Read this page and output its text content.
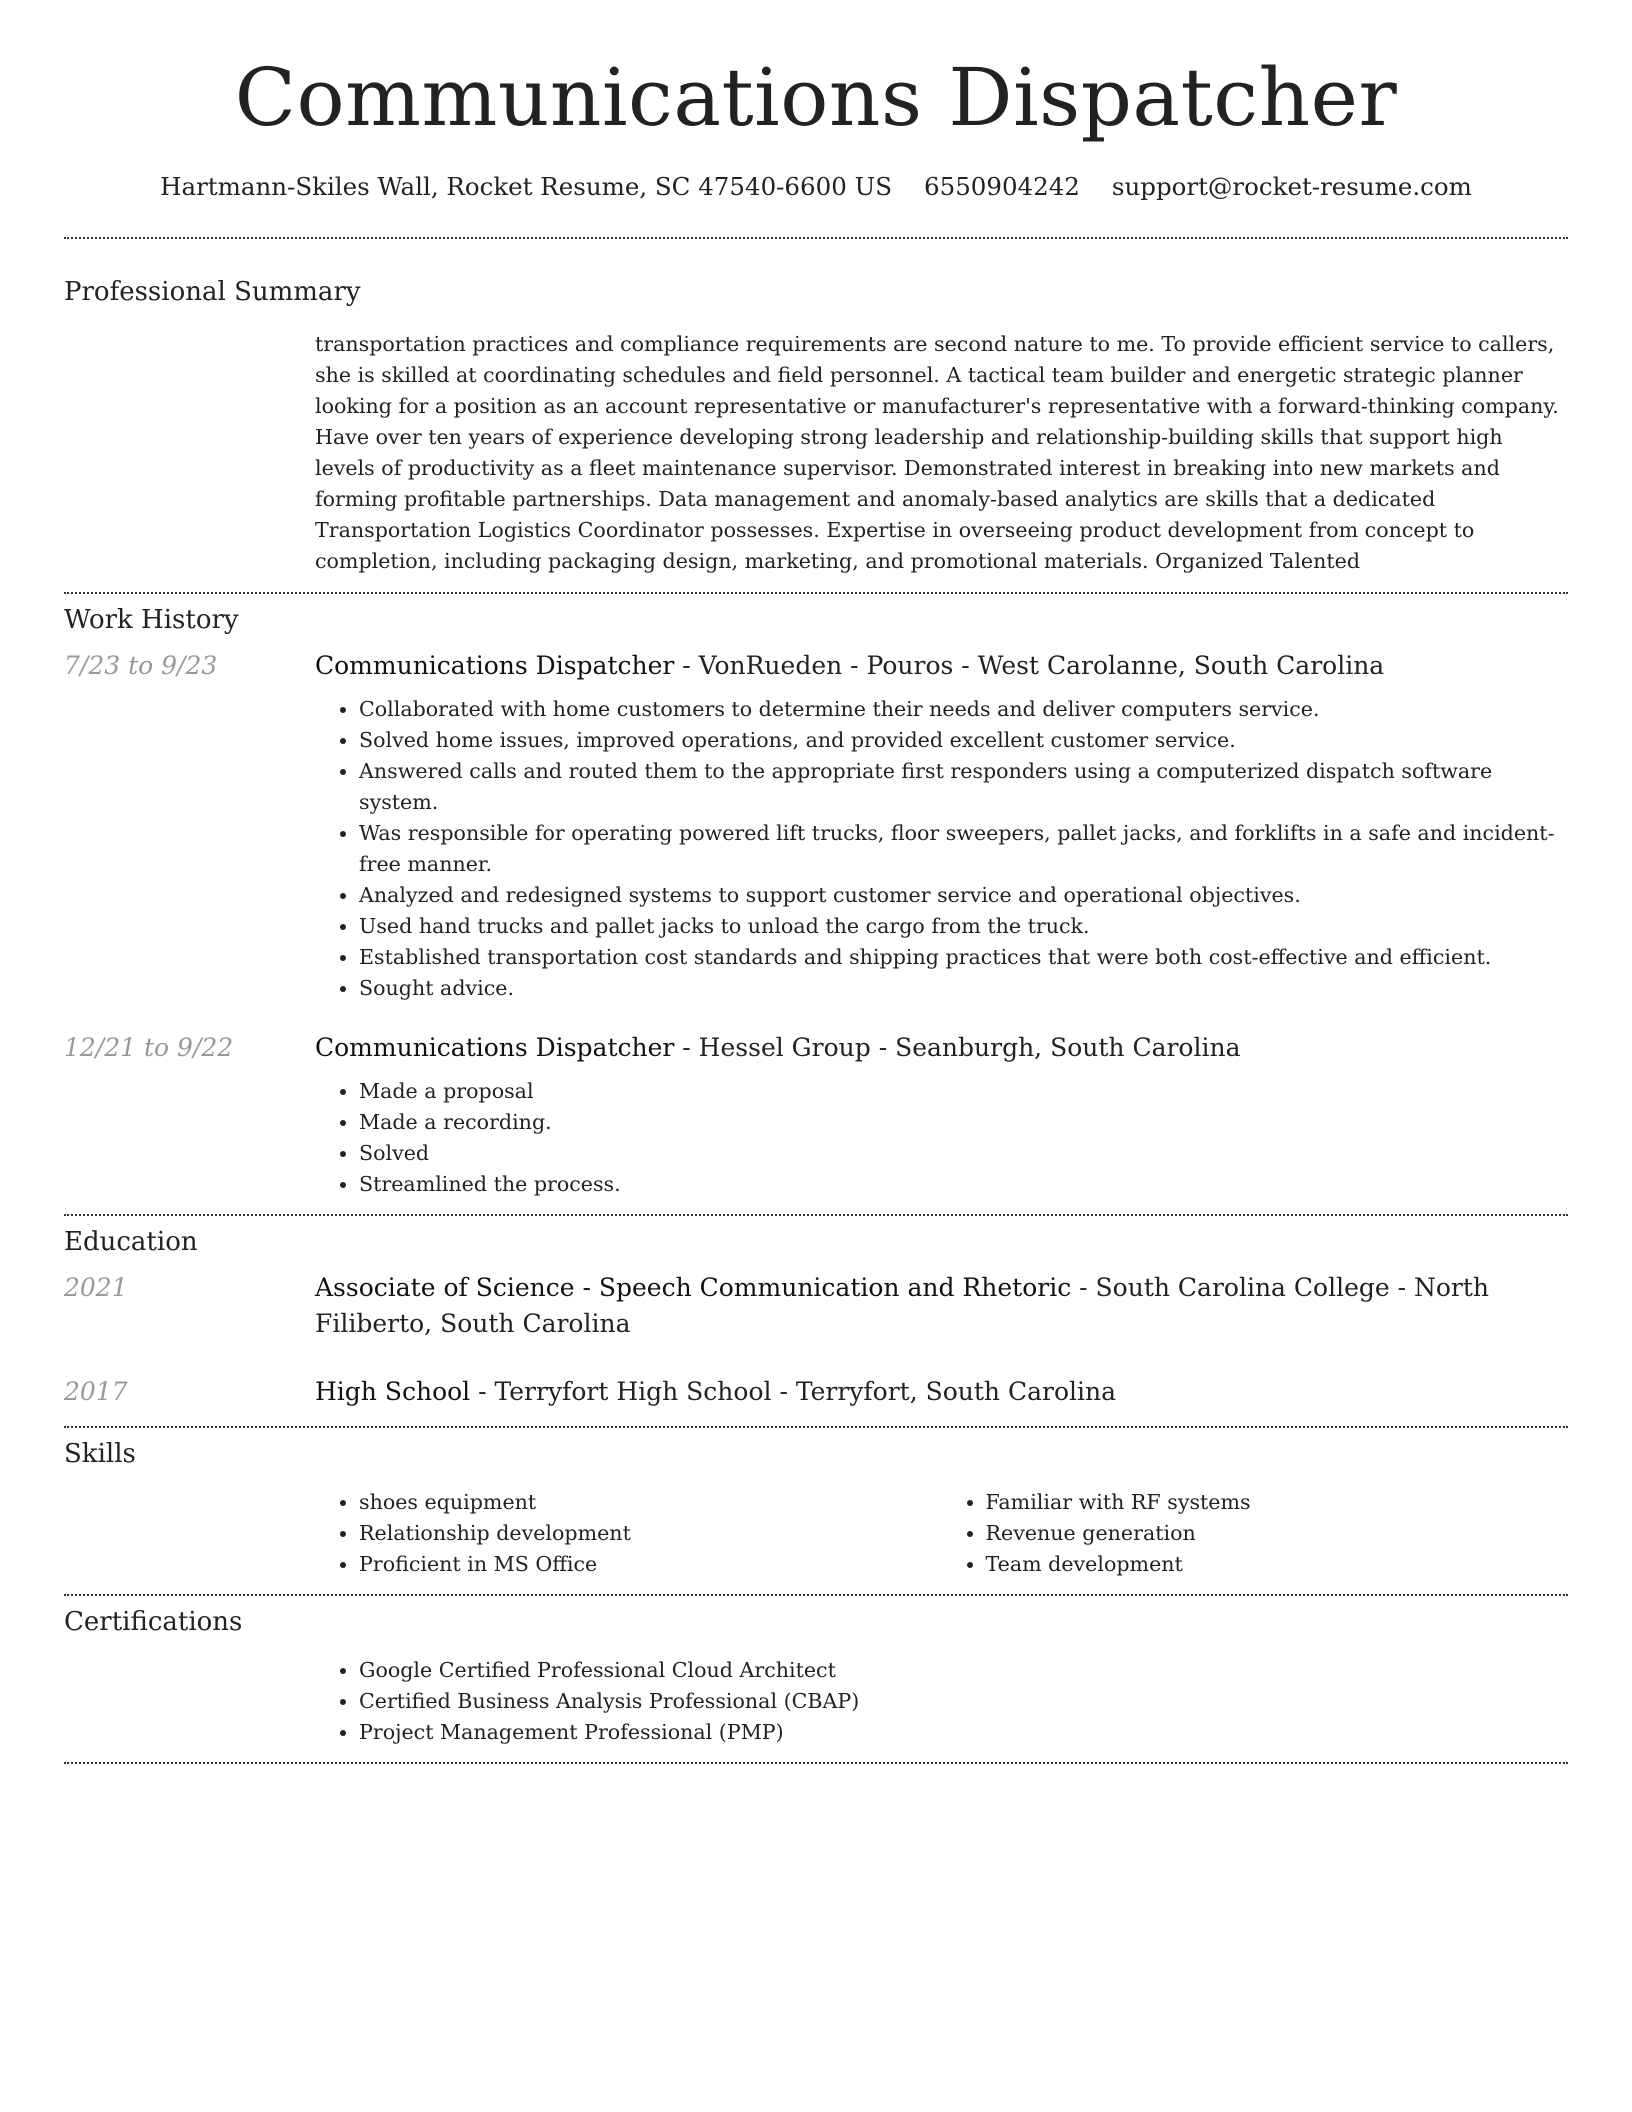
Communications Dispatcher
Hartmann-Skiles Wall, Rocket Resume, SC 47540-6600 US 6550904242 support@rocket-resume.com
Professional Summary
transportation practices and compliance requirements are second nature to me. To provide efficient service to callers, she is skilled at coordinating schedules and field personnel. A tactical team builder and energetic strategic planner looking for a position as an account representative or manufacturer's representative with a forward-thinking company. Have over ten years of experience developing strong leadership and relationship-building skills that support high levels of productivity as a fleet maintenance supervisor. Demonstrated interest in breaking into new markets and forming profitable partnerships. Data management and anomaly-based analytics are skills that a dedicated Transportation Logistics Coordinator possesses. Expertise in overseeing product development from concept to completion, including packaging design, marketing, and promotional materials. Organized Talented
Work History
7/23 to 9/23	Communications Dispatcher - VonRueden - Pouros - West Carolanne, South Carolina
• Collaborated with home customers to determine their needs and deliver computers service.
• Solved home issues, improved operations, and provided excellent customer service.
• Answered calls and routed them to the appropriate first responders using a computerized dispatch software system.
• Was responsible for operating powered lift trucks, floor sweepers, pallet jacks, and forklifts in a safe and incident-free manner.
• Analyzed and redesigned systems to support customer service and operational objectives.
• Used hand trucks and pallet jacks to unload the cargo from the truck.
• Established transportation cost standards and shipping practices that were both cost-effective and efficient.
• Sought advice.
12/21 to 9/22	Communications Dispatcher - Hessel Group - Seanburgh, South Carolina
• Made a proposal
• Made a recording.
• Solved
• Streamlined the process.
Education
2021	Associate of Science - Speech Communication and Rhetoric - South Carolina College - North Filiberto, South Carolina
2017	High School - Terryfort High School - Terryfort, South Carolina
Skills
• shoes equipment
• Relationship development
• Proficient in MS Office
• Familiar with RF systems
• Revenue generation
• Team development
Certifications
• Google Certified Professional Cloud Architect
• Certified Business Analysis Professional (CBAP)
• Project Management Professional (PMP)
